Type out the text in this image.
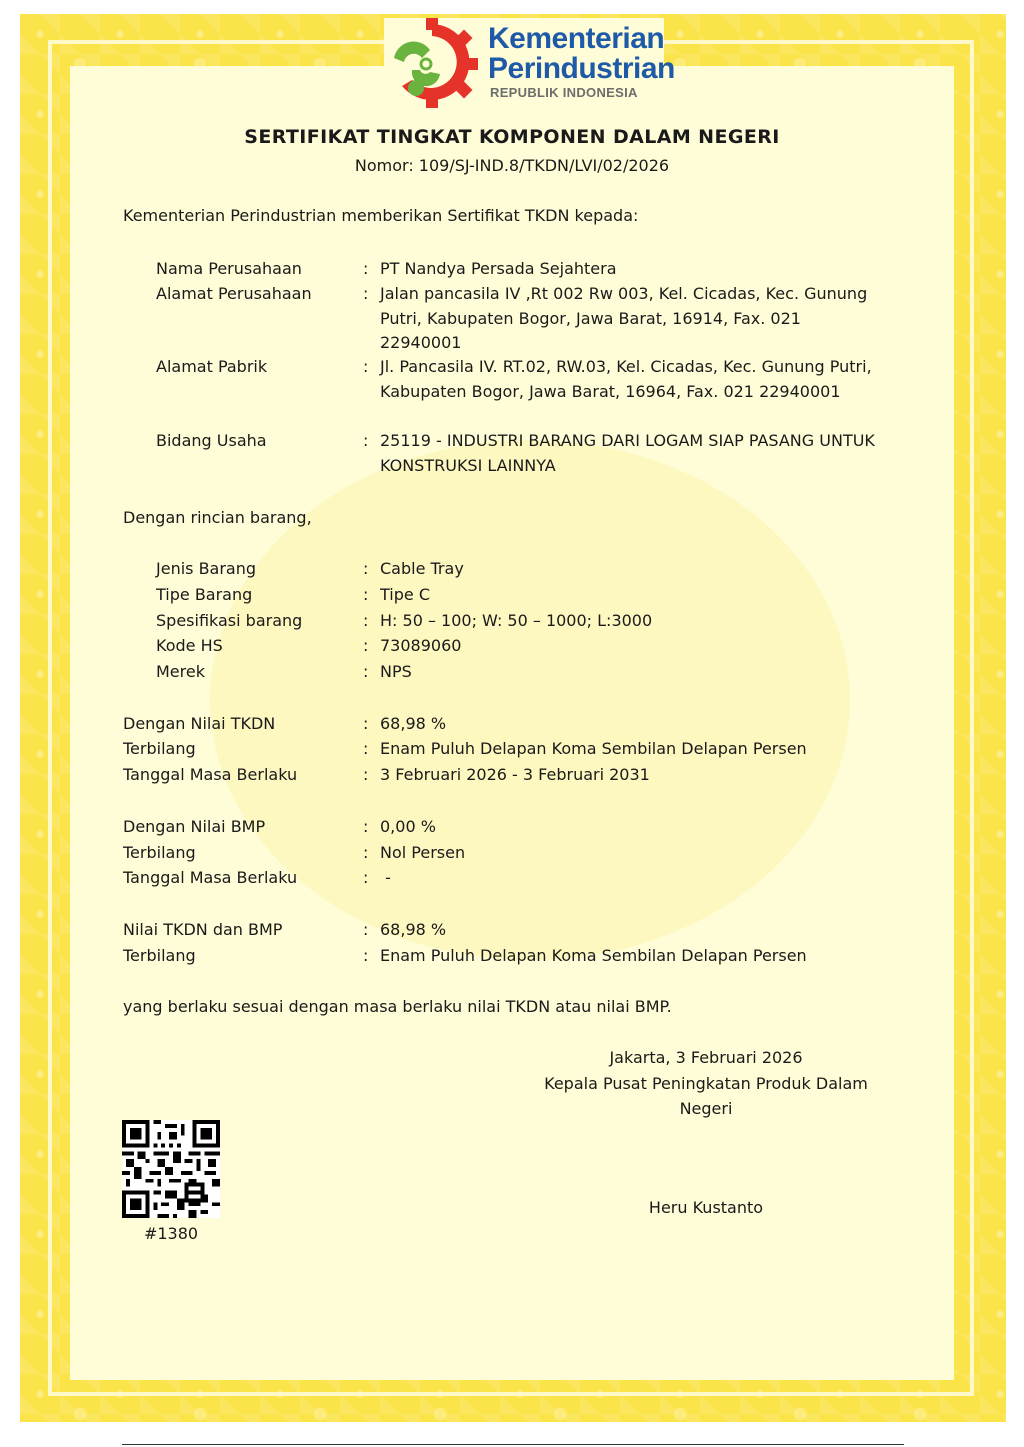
Kementerian
Perindustrian
REPUBLIK INDONESIA
SERTIFIKAT TINGKAT KOMPONEN DALAM NEGERI
Nomor: 109/SJ-IND.8/TKDN/LVI/02/2026
Kementerian Perindustrian memberikan Sertifikat TKDN kepada:
Nama Perusahaan	: PT Nandya Persada Sejahtera
Alamat Perusahaan	: Jalan pancasila IV ,Rt 002 Rw 003, Kel. Cicadas, Kec. Gunung Putri, Kabupaten Bogor, Jawa Barat, 16914, Fax. 021 22940001
Alamat Pabrik	: Jl. Pancasila IV. RT.02, RW.03, Kel. Cicadas, Kec. Gunung Putri, Kabupaten Bogor, Jawa Barat, 16964, Fax. 021 22940001
Bidang Usaha	: 25119 - INDUSTRI BARANG DARI LOGAM SIAP PASANG UNTUK KONSTRUKSI LAINNYA
Dengan rincian barang,
Jenis Barang	: Cable Tray
Tipe Barang	: Tipe C
Spesifikasi barang	: H: 50 – 100; W: 50 – 1000; L:3000
Kode HS	: 73089060
Merek	: NPS
Dengan Nilai TKDN	: 68,98 %
Terbilang	: Enam Puluh Delapan Koma Sembilan Delapan Persen
Tanggal Masa Berlaku	: 3 Februari 2026 - 3 Februari 2031
Dengan Nilai BMP	: 0,00 %
Terbilang	: Nol Persen
Tanggal Masa Berlaku	: -
Nilai TKDN dan BMP	: 68,98 %
Terbilang	: Enam Puluh Delapan Koma Sembilan Delapan Persen
yang berlaku sesuai dengan masa berlaku nilai TKDN atau nilai BMP.
Jakarta, 3 Februari 2026
Kepala Pusat Peningkatan Produk Dalam Negeri
Heru Kustanto
#1380
